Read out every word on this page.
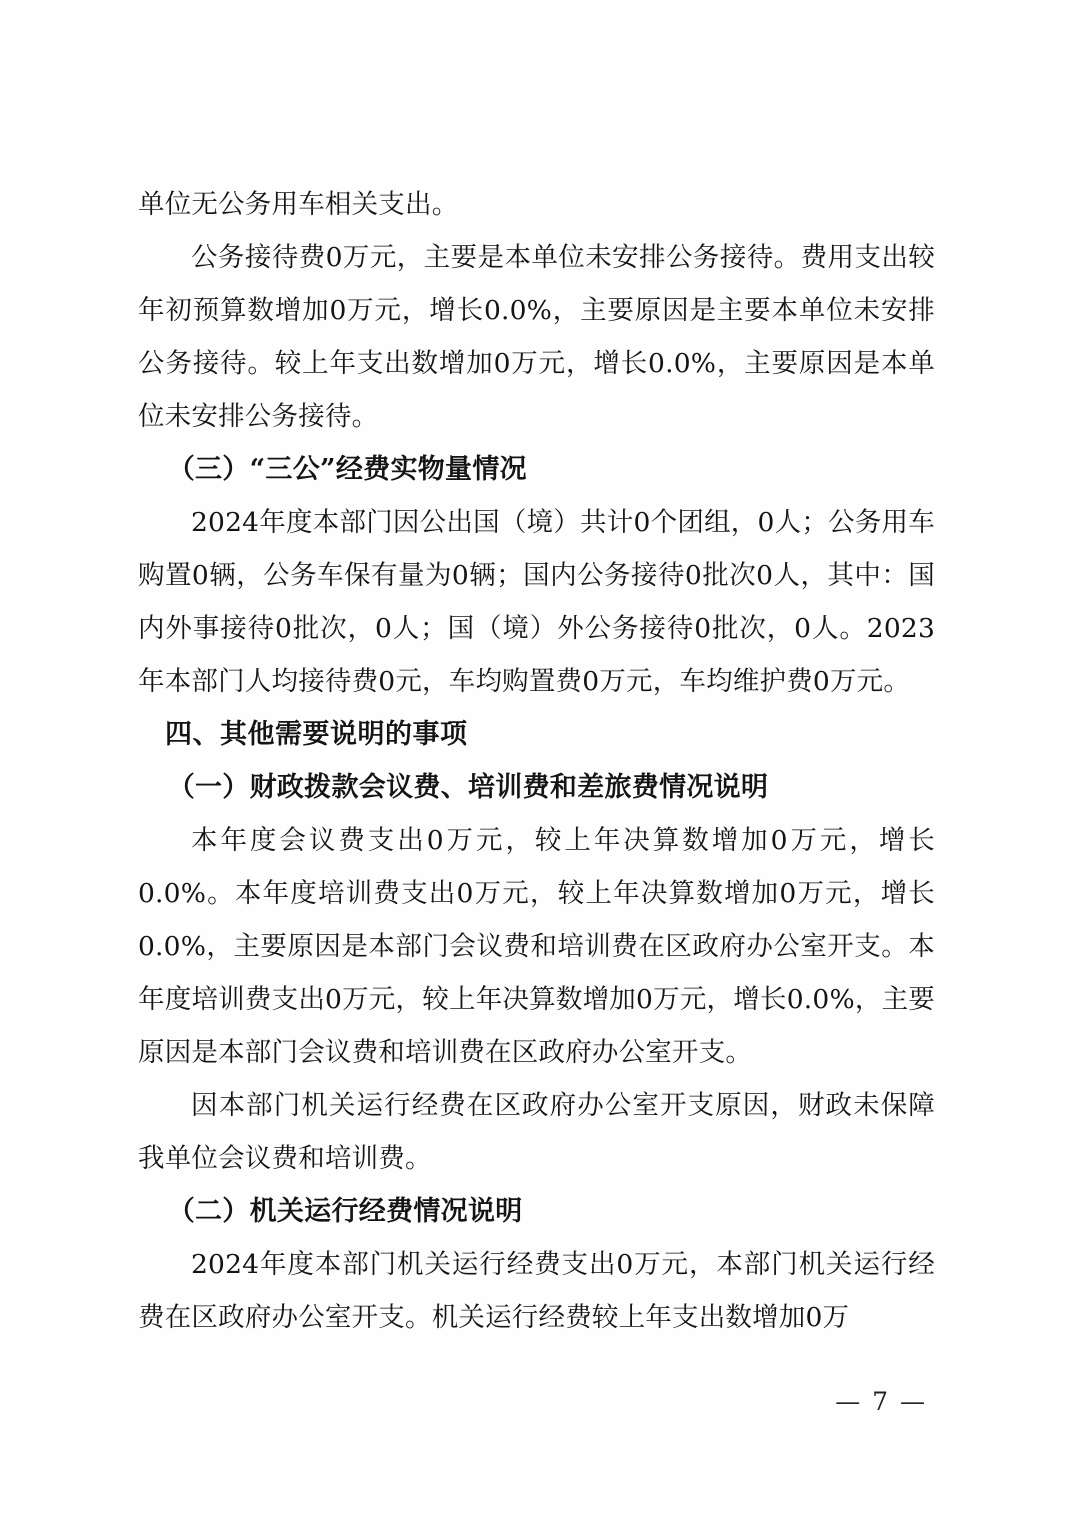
单位无公务用车相关支出。

公务接待费0万元，主要是本单位未安排公务接待。费用支出较年初预算数增加0万元，增长0.0%，主要原因是主要本单位未安排公务接待。较上年支出数增加0万元，增长0.0%，主要原因是本单位未安排公务接待。

（三）“三公”经费实物量情况

2024年度本部门因公出国（境）共计0个团组，0人；公务用车购置0辆，公务车保有量为0辆；国内公务接待0批次0人，其中：国内外事接待0批次，0人；国（境）外公务接待0批次，0人。2023年本部门人均接待费0元，车均购置费0万元，车均维护费0万元。

四、其他需要说明的事项
（一）财政拨款会议费、培训费和差旅费情况说明

本年度会议费支出0万元，较上年决算数增加0万元，增长0.0%。本年度培训费支出0万元，较上年决算数增加0万元，增长0.0%，主要原因是本部门会议费和培训费在区政府办公室开支。本年度培训费支出0万元，较上年决算数增加0万元，增长0.0%，主要原因是本部门会议费和培训费在区政府办公室开支。

因本部门机关运行经费在区政府办公室开支原因，财政未保障我单位会议费和培训费。

（二）机关运行经费情况说明

2024年度本部门机关运行经费支出0万元，本部门机关运行经费在区政府办公室开支。机关运行经费较上年支出数增加0万

— 7 —
